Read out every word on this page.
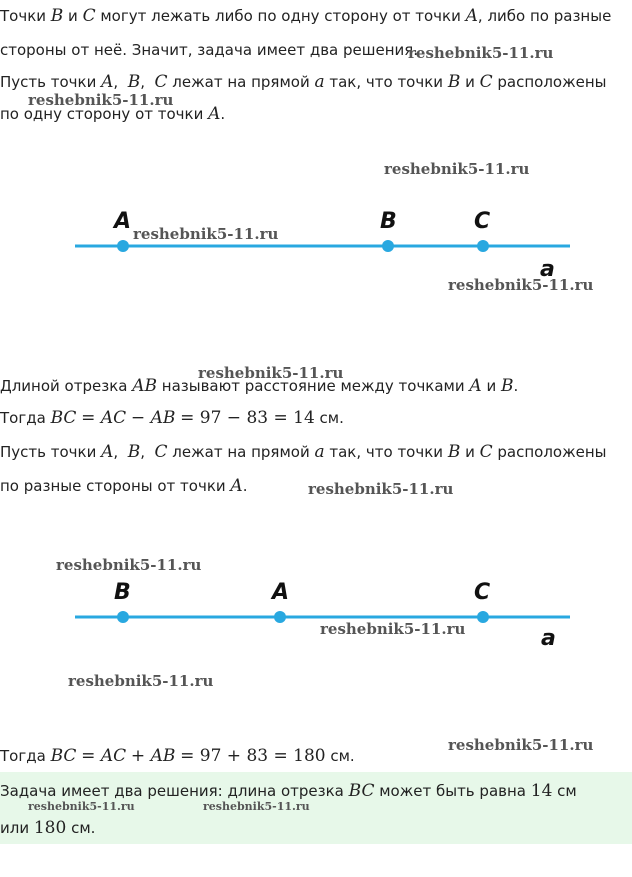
Точки B и C могут лежать либо по одну сторону от точки A, либо по разные
стороны от неё. Значит, задача имеет два решения.
Пусть точки A,  B,  C лежат на прямой a так, что точки B и C расположены
по одну сторону от точки A.
A	B	C
a
Длиной отрезка AB называют расстояние между точками A и B.
Тогда BC = AC − AB = 97 − 83 = 14 см.
Пусть точки A,  B,  C лежат на прямой a так, что точки B и C расположены
по разные стороны от точки A.
B	A	C
a
Тогда BC = AC + AB = 97 + 83 = 180 см.
Задача имеет два решения: длина отрезка BC может быть равна 14 см
или 180 см.
reshebnik5-11.ru
reshebnik5-11.ru
reshebnik5-11.ru
reshebnik5-11.ru
reshebnik5-11.ru
reshebnik5-11.ru
reshebnik5-11.ru
reshebnik5-11.ru
reshebnik5-11.ru
reshebnik5-11.ru
reshebnik5-11.ru
reshebnik5-11.ru	reshebnik5-11.ru
